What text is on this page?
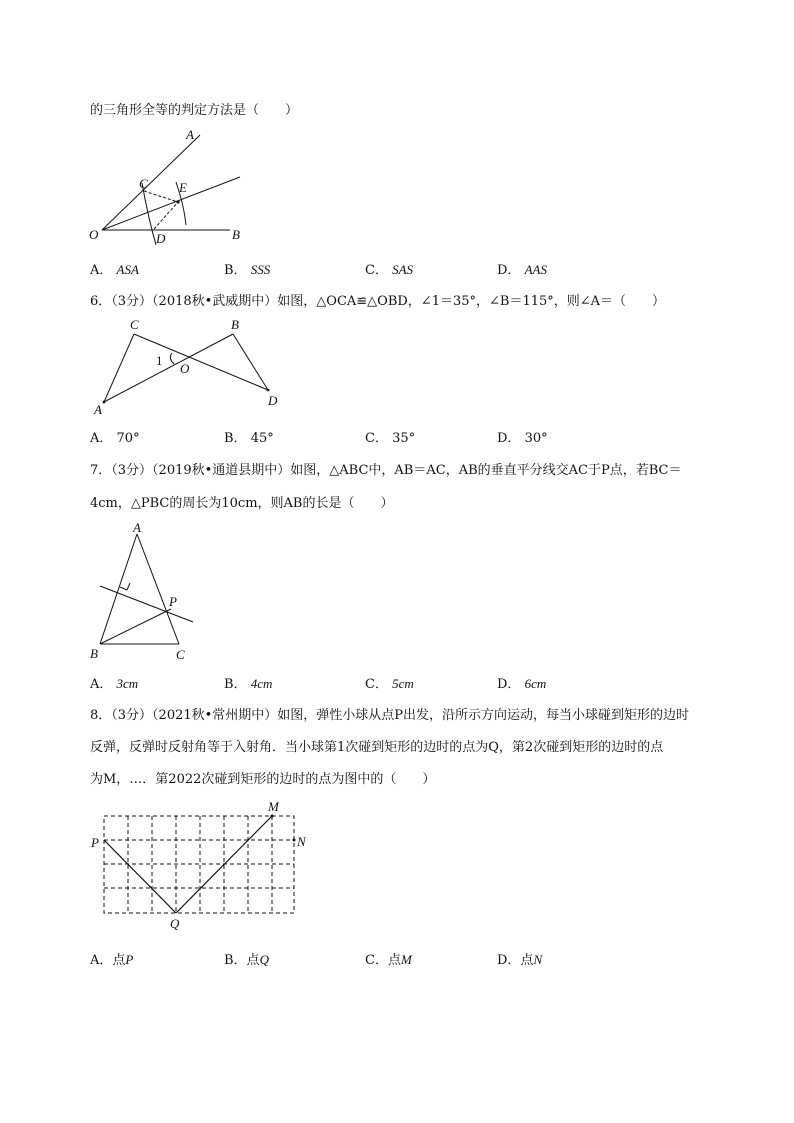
的三角形全等的判定方法是（　　）
A
C E
O	D	B
A． ASA	B． SSS	C． SAS	D． AAS
6．（3分）（2018秋•武威期中）如图，△OCA≌△OBD，∠1＝35°，∠B＝115°，则∠A＝（　　）
C	B
1
O
A
D
A． 70°	B． 45°	C． 35°	D． 30°
7．（3分）（2019秋•通道县期中）如图，△ABC中，AB＝AC，AB的垂直平分线交AC于P点，若BC＝
4cm，△PBC的周长为10cm，则AB的长是（　　）
A
P
B	C
A． 3cm	B． 4cm	C． 5cm	D． 6cm
8．（3分）（2021秋•常州期中）如图，弹性小球从点P出发，沿所示方向运动，每当小球碰到矩形的边时
反弹，反弹时反射角等于入射角．当小球第1次碰到矩形的边时的点为Q，第2次碰到矩形的边时的点
为M，…．第2022次碰到矩形的边时的点为图中的（　　）
M
P	N
Q
A．点P	B．点Q	C．点M	D．点N
